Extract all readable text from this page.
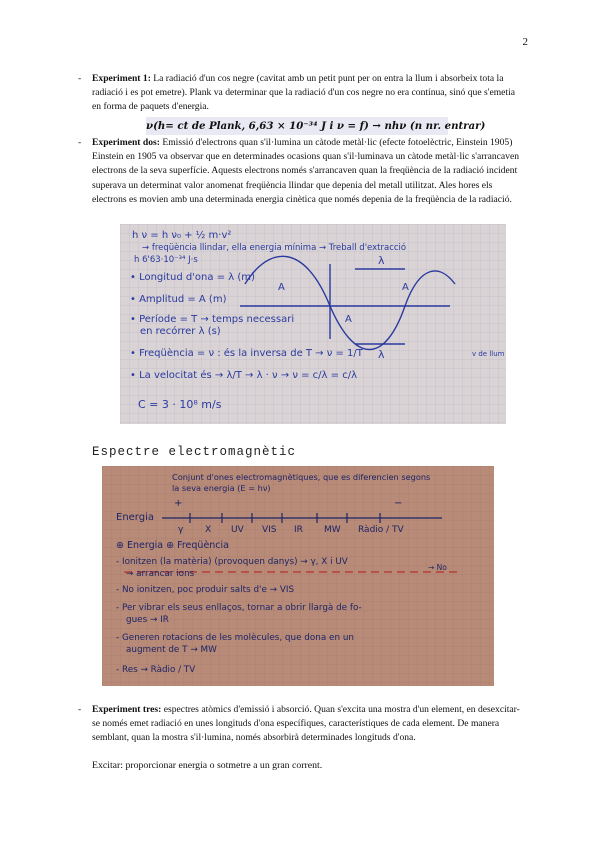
2
- Experiment 1: La radiació d'un cos negre (cavitat amb un petit punt per on entra la llum i absorbeix tota la radiació i es pot emetre). Plank va determinar que la radiació d'un cos negre no era contínua, sinó que s'emetia en forma de paquets d'energia.
ν(h= ct de Plank, 6,63 × 10⁻³⁴ J i ν = f) → nhν (n nr. entrar)
- Experiment dos: Emissió d'electrons quan s'il·lumina un càtode metàl·lic (efecte fotoelèctric, Einstein 1905) Einstein en 1905 va observar que en determinades ocasions quan s'il·luminava un càtode metàl·lic s'arrancaven electrons de la seva superfície. Aquests electrons només s'arrancaven quan la freqüència de la radiació incident superava un determinat valor anomenat freqüència llindar que depenia del metall utilitzat. Ales hores els electrons es movien amb una determinada energia cinètica que només depenia de la freqüència de la radiació.
h ν = h ν₀ + ½ m·v²
→ freqüència llindar, ella energia mínima → Treball d'extracció
h 6'63·10⁻³⁴ J·s
• Longitud d'ona = λ (m)
• Amplitud = A (m)
• Període = T → temps necessari
en recórrer λ (s)
• Freqüència = ν : és la inversa de T → ν = 1/T
• La velocitat és → λ/T → λ · ν → ν = c/λ = c/λ
C = 3 · 10⁸ m/s
λ
λ
A	A
A
v de llum
Espectre electromagnètic
Conjunt d'ones electromagnètiques, que es diferencien segons
la seva energia (E = hν)
Energia
+	−
γ X UV VIS IR MW Ràdio / TV
⊕ Energia ⊕ Freqüència
- Ionitzen (la matèria) (provoquen danys) → γ, X i UV
→ arrancar ions
→ No
- No ionitzen, poc produir salts d'e → VIS
- Per vibrar els seus enllaços, tornar a obrir llargà de fo-
gues → IR
- Generen rotacions de les molècules, que dona en un
augment de T → MW
- Res → Ràdio / TV
- Experiment tres: espectres atòmics d'emissió i absorció. Quan s'excita una mostra d'un element, en desexcitar-se només emet radiació en unes longituds d'ona específiques, característiques de cada element. De manera semblant, quan la mostra s'il·lumina, només absorbirà determinades longituds d'ona.
Excitar: proporcionar energia o sotmetre a un gran corrent.
